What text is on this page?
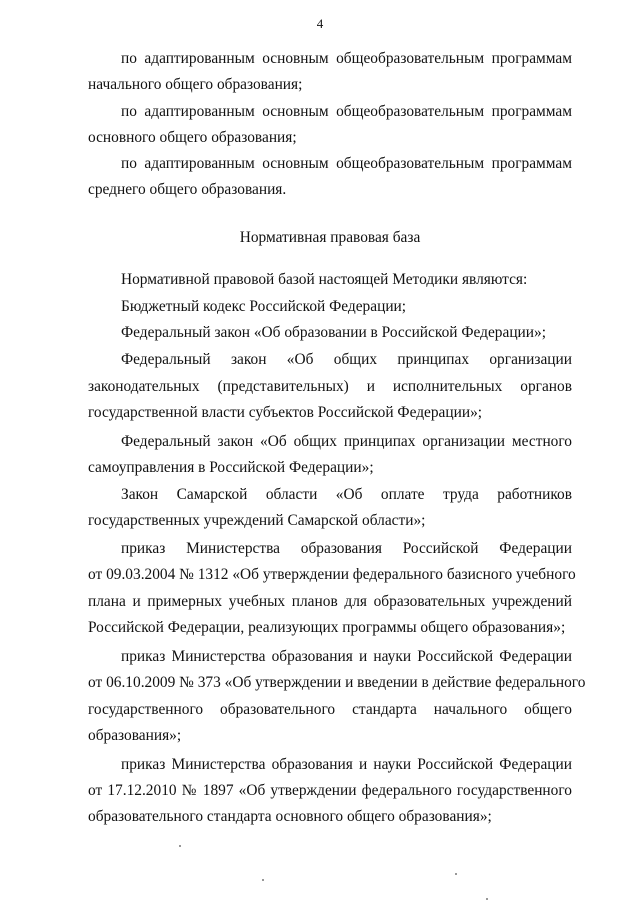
4
по адаптированным основным общеобразовательным программам
начального общего образования;
по адаптированным основным общеобразовательным программам
основного общего образования;
по адаптированным основным общеобразовательным программам
среднего общего образования.
Нормативная правовая база
Нормативной правовой базой настоящей Методики являются:
Бюджетный кодекс Российской Федерации;
Федеральный закон «Об образовании в Российской Федерации»;
Федеральный закон «Об общих принципах организации
законодательных (представительных) и исполнительных органов
государственной власти субъектов Российской Федерации»;
Федеральный закон «Об общих принципах организации местного
самоуправления в Российской Федерации»;
Закон Самарской области «Об оплате труда работников
государственных учреждений Самарской области»;
приказ Министерства образования Российской Федерации
от 09.03.2004 № 1312 «Об утверждении федерального базисного учебного
плана и примерных учебных планов для образовательных учреждений
Российской Федерации, реализующих программы общего образования»;
приказ Министерства образования и науки Российской Федерации
от 06.10.2009 № 373 «Об утверждении и введении в действие федерального
государственного образовательного стандарта начального общего
образования»;
приказ Министерства образования и науки Российской Федерации
от 17.12.2010 № 1897 «Об утверждении федерального государственного
образовательного стандарта основного общего образования»;
